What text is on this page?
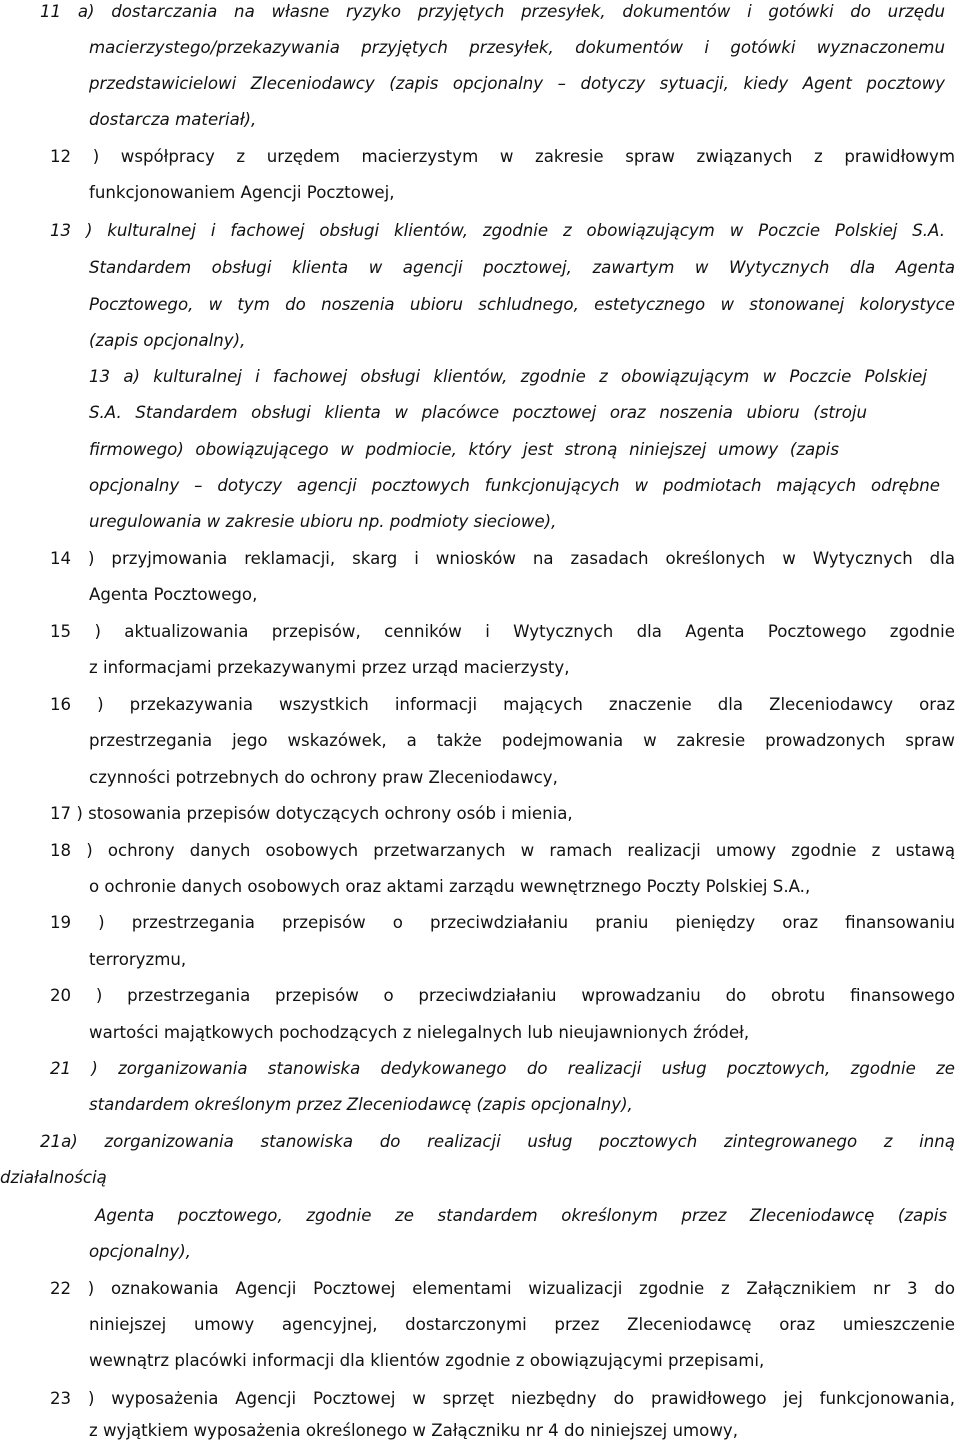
11 a) dostarczania na własne ryzyko przyjętych przesyłek, dokumentów i gotówki do urzędu
macierzystego/przekazywania przyjętych przesyłek, dokumentów i gotówki wyznaczonemu
przedstawicielowi Zleceniodawcy (zapis opcjonalny – dotyczy sytuacji, kiedy Agent pocztowy
dostarcza materiał),
12 ) współpracy z urzędem macierzystym w zakresie spraw związanych z prawidłowym
funkcjonowaniem Agencji Pocztowej,
13 ) kulturalnej i fachowej obsługi klientów, zgodnie z obowiązującym w Poczcie Polskiej S.A.
Standardem obsługi klienta w agencji pocztowej, zawartym w Wytycznych dla Agenta
Pocztowego, w tym do noszenia ubioru schludnego, estetycznego w stonowanej kolorystyce
(zapis opcjonalny),
13 a) kulturalnej i fachowej obsługi klientów, zgodnie z obowiązującym w Poczcie Polskiej
S.A. Standardem obsługi klienta w placówce pocztowej oraz noszenia ubioru (stroju
firmowego) obowiązującego w podmiocie, który jest stroną niniejszej umowy (zapis
opcjonalny – dotyczy agencji pocztowych funkcjonujących w podmiotach mających odrębne
uregulowania w zakresie ubioru np. podmioty sieciowe),
14 ) przyjmowania reklamacji, skarg i wniosków na zasadach określonych w Wytycznych dla
Agenta Pocztowego,
15 ) aktualizowania przepisów, cenników i Wytycznych dla Agenta Pocztowego zgodnie
z informacjami przekazywanymi przez urząd macierzysty,
16 ) przekazywania wszystkich informacji mających znaczenie dla Zleceniodawcy oraz
przestrzegania jego wskazówek, a także podejmowania w zakresie prowadzonych spraw
czynności potrzebnych do ochrony praw Zleceniodawcy,
17 ) stosowania przepisów dotyczących ochrony osób i mienia,
18 ) ochrony danych osobowych przetwarzanych w ramach realizacji umowy zgodnie z ustawą
o ochronie danych osobowych oraz aktami zarządu wewnętrznego Poczty Polskiej S.A.,
19 ) przestrzegania przepisów o przeciwdziałaniu praniu pieniędzy oraz finansowaniu
terroryzmu,
20 ) przestrzegania przepisów o przeciwdziałaniu wprowadzaniu do obrotu finansowego
wartości majątkowych pochodzących z nielegalnych lub nieujawnionych źródeł,
21 ) zorganizowania stanowiska dedykowanego do realizacji usług pocztowych, zgodnie ze
standardem określonym przez Zleceniodawcę (zapis opcjonalny),
21a) zorganizowania stanowiska do realizacji usług pocztowych zintegrowanego z inną
działalnością
Agenta pocztowego, zgodnie ze standardem określonym przez Zleceniodawcę (zapis
opcjonalny),
22 ) oznakowania Agencji Pocztowej elementami wizualizacji zgodnie z Załącznikiem nr 3 do
niniejszej umowy agencyjnej, dostarczonymi przez Zleceniodawcę oraz umieszczenie
wewnątrz placówki informacji dla klientów zgodnie z obowiązującymi przepisami,
23 ) wyposażenia Agencji Pocztowej w sprzęt niezbędny do prawidłowego jej funkcjonowania,
z wyjątkiem wyposażenia określonego w Załączniku nr 4 do niniejszej umowy,
